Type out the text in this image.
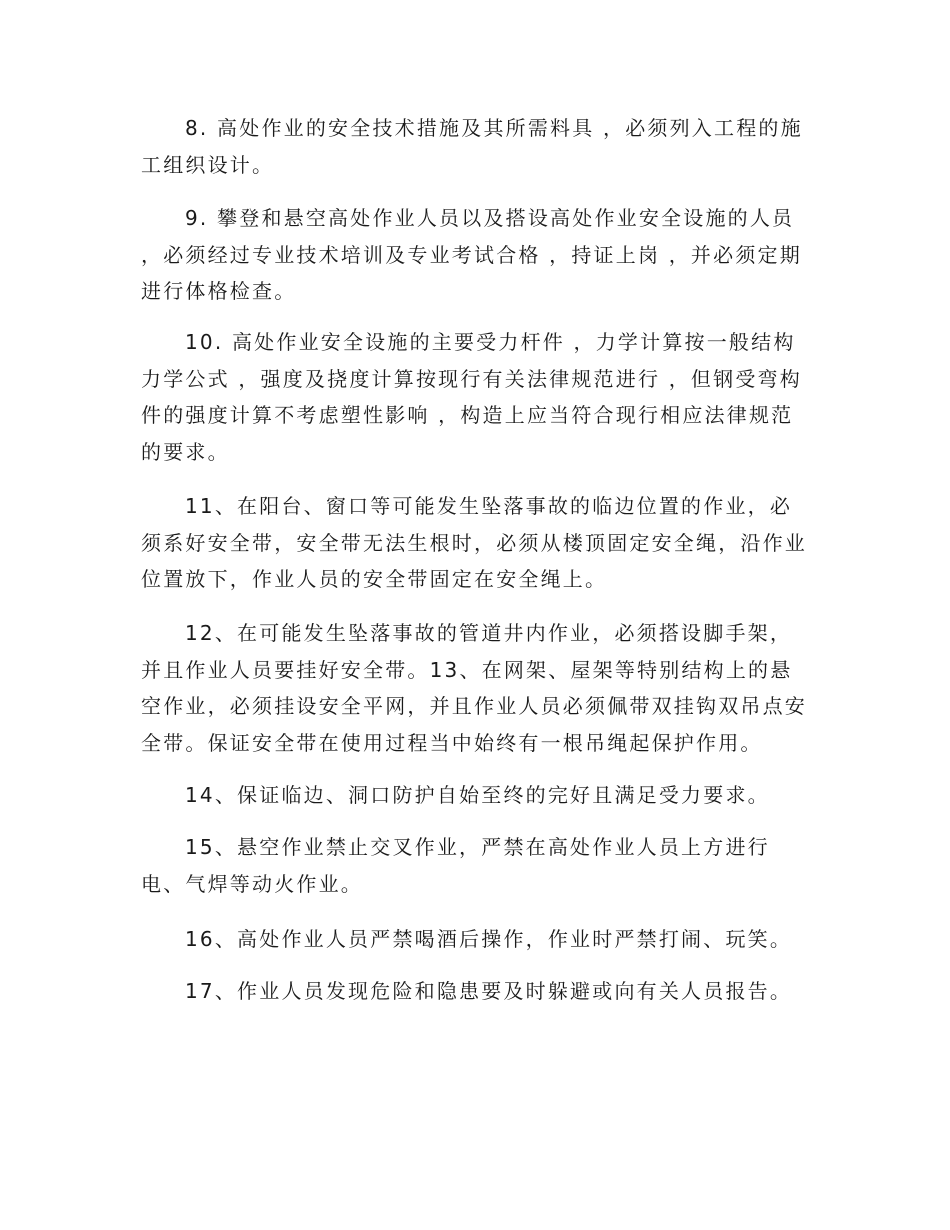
8. 高处作业的安全技术措施及其所需料具 ，必须列入工程的施工组织设计。

9. 攀登和悬空高处作业人员以及搭设高处作业安全设施的人员 ，必须经过专业技术培训及专业考试合格 ，持证上岗 ，并必须定期进行体格检查。

10. 高处作业安全设施的主要受力杆件 ，力学计算按一般结构力学公式 ，强度及挠度计算按现行有关法律规范进行 ，但钢受弯构件的强度计算不考虑塑性影响 ，构造上应当符合现行相应法律规范的要求。

11、在阳台、窗口等可能发生坠落事故的临边位置的作业，必须系好安全带，安全带无法生根时，必须从楼顶固定安全绳，沿作业位置放下，作业人员的安全带固定在安全绳上。

12、在可能发生坠落事故的管道井内作业，必须搭设脚手架，并且作业人员要挂好安全带。13、在网架、屋架等特别结构上的悬空作业，必须挂设安全平网，并且作业人员必须佩带双挂钩双吊点安全带。保证安全带在使用过程当中始终有一根吊绳起保护作用。

14、保证临边、洞口防护自始至终的完好且满足受力要求。

15、悬空作业禁止交叉作业，严禁在高处作业人员上方进行电、气焊等动火作业。

16、高处作业人员严禁喝酒后操作，作业时严禁打闹、玩笑。

17、作业人员发现危险和隐患要及时躲避或向有关人员报告。
